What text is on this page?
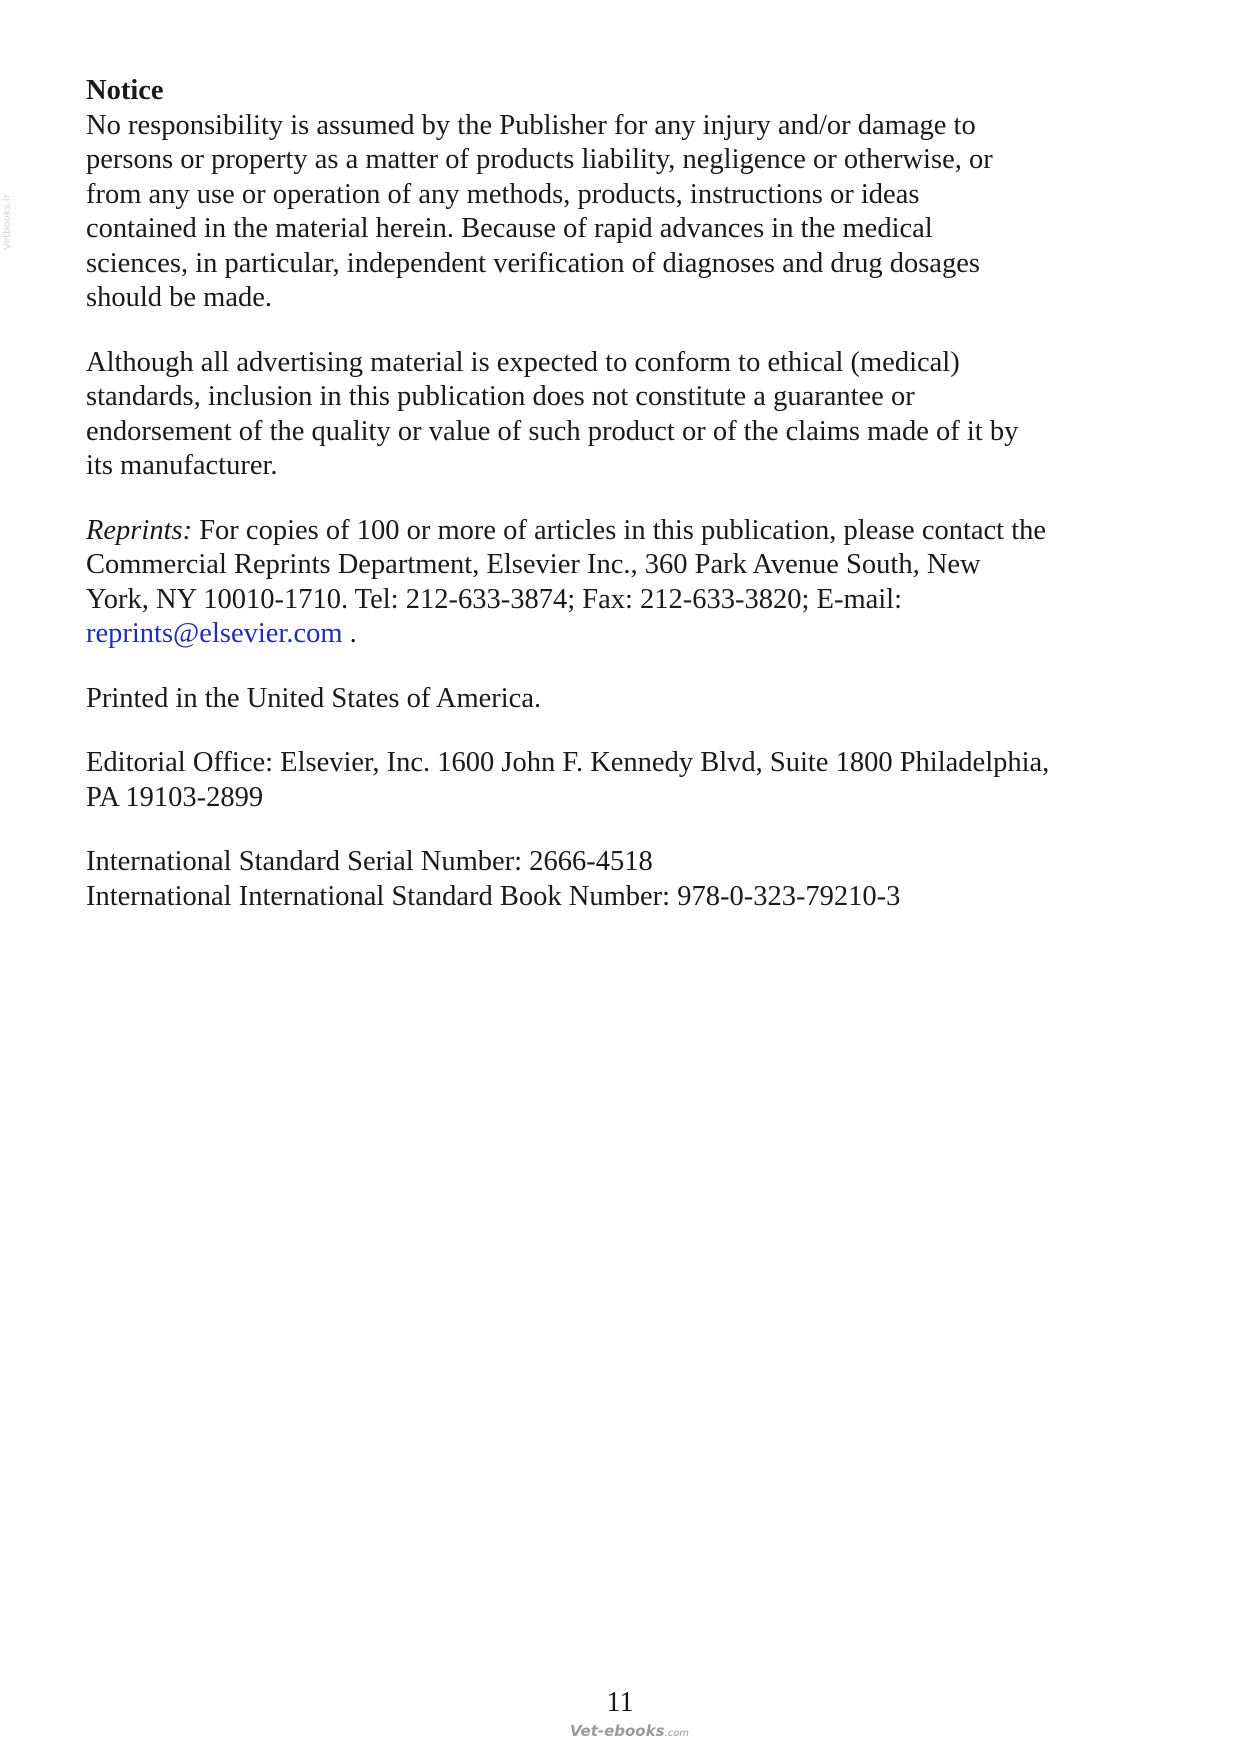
Vetbooks.ir
Notice
No responsibility is assumed by the Publisher for any injury and/or damage to
persons or property as a matter of products liability, negligence or otherwise, or
from any use or operation of any methods, products, instructions or ideas
contained in the material herein. Because of rapid advances in the medical
sciences, in particular, independent verification of diagnoses and drug dosages
should be made.
Although all advertising material is expected to conform to ethical (medical)
standards, inclusion in this publication does not constitute a guarantee or
endorsement of the quality or value of such product or of the claims made of it by
its manufacturer.
Reprints: For copies of 100 or more of articles in this publication, please contact the
Commercial Reprints Department, Elsevier Inc., 360 Park Avenue South, New
York, NY 10010-1710. Tel: 212-633-3874; Fax: 212-633-3820; E-mail:
reprints@elsevier.com .
Printed in the United States of America.
Editorial Office: Elsevier, Inc. 1600 John F. Kennedy Blvd, Suite 1800 Philadelphia,
PA 19103-2899
International Standard Serial Number: 2666-4518
International International Standard Book Number: 978-0-323-79210-3
11
Vet-ebooks.com
